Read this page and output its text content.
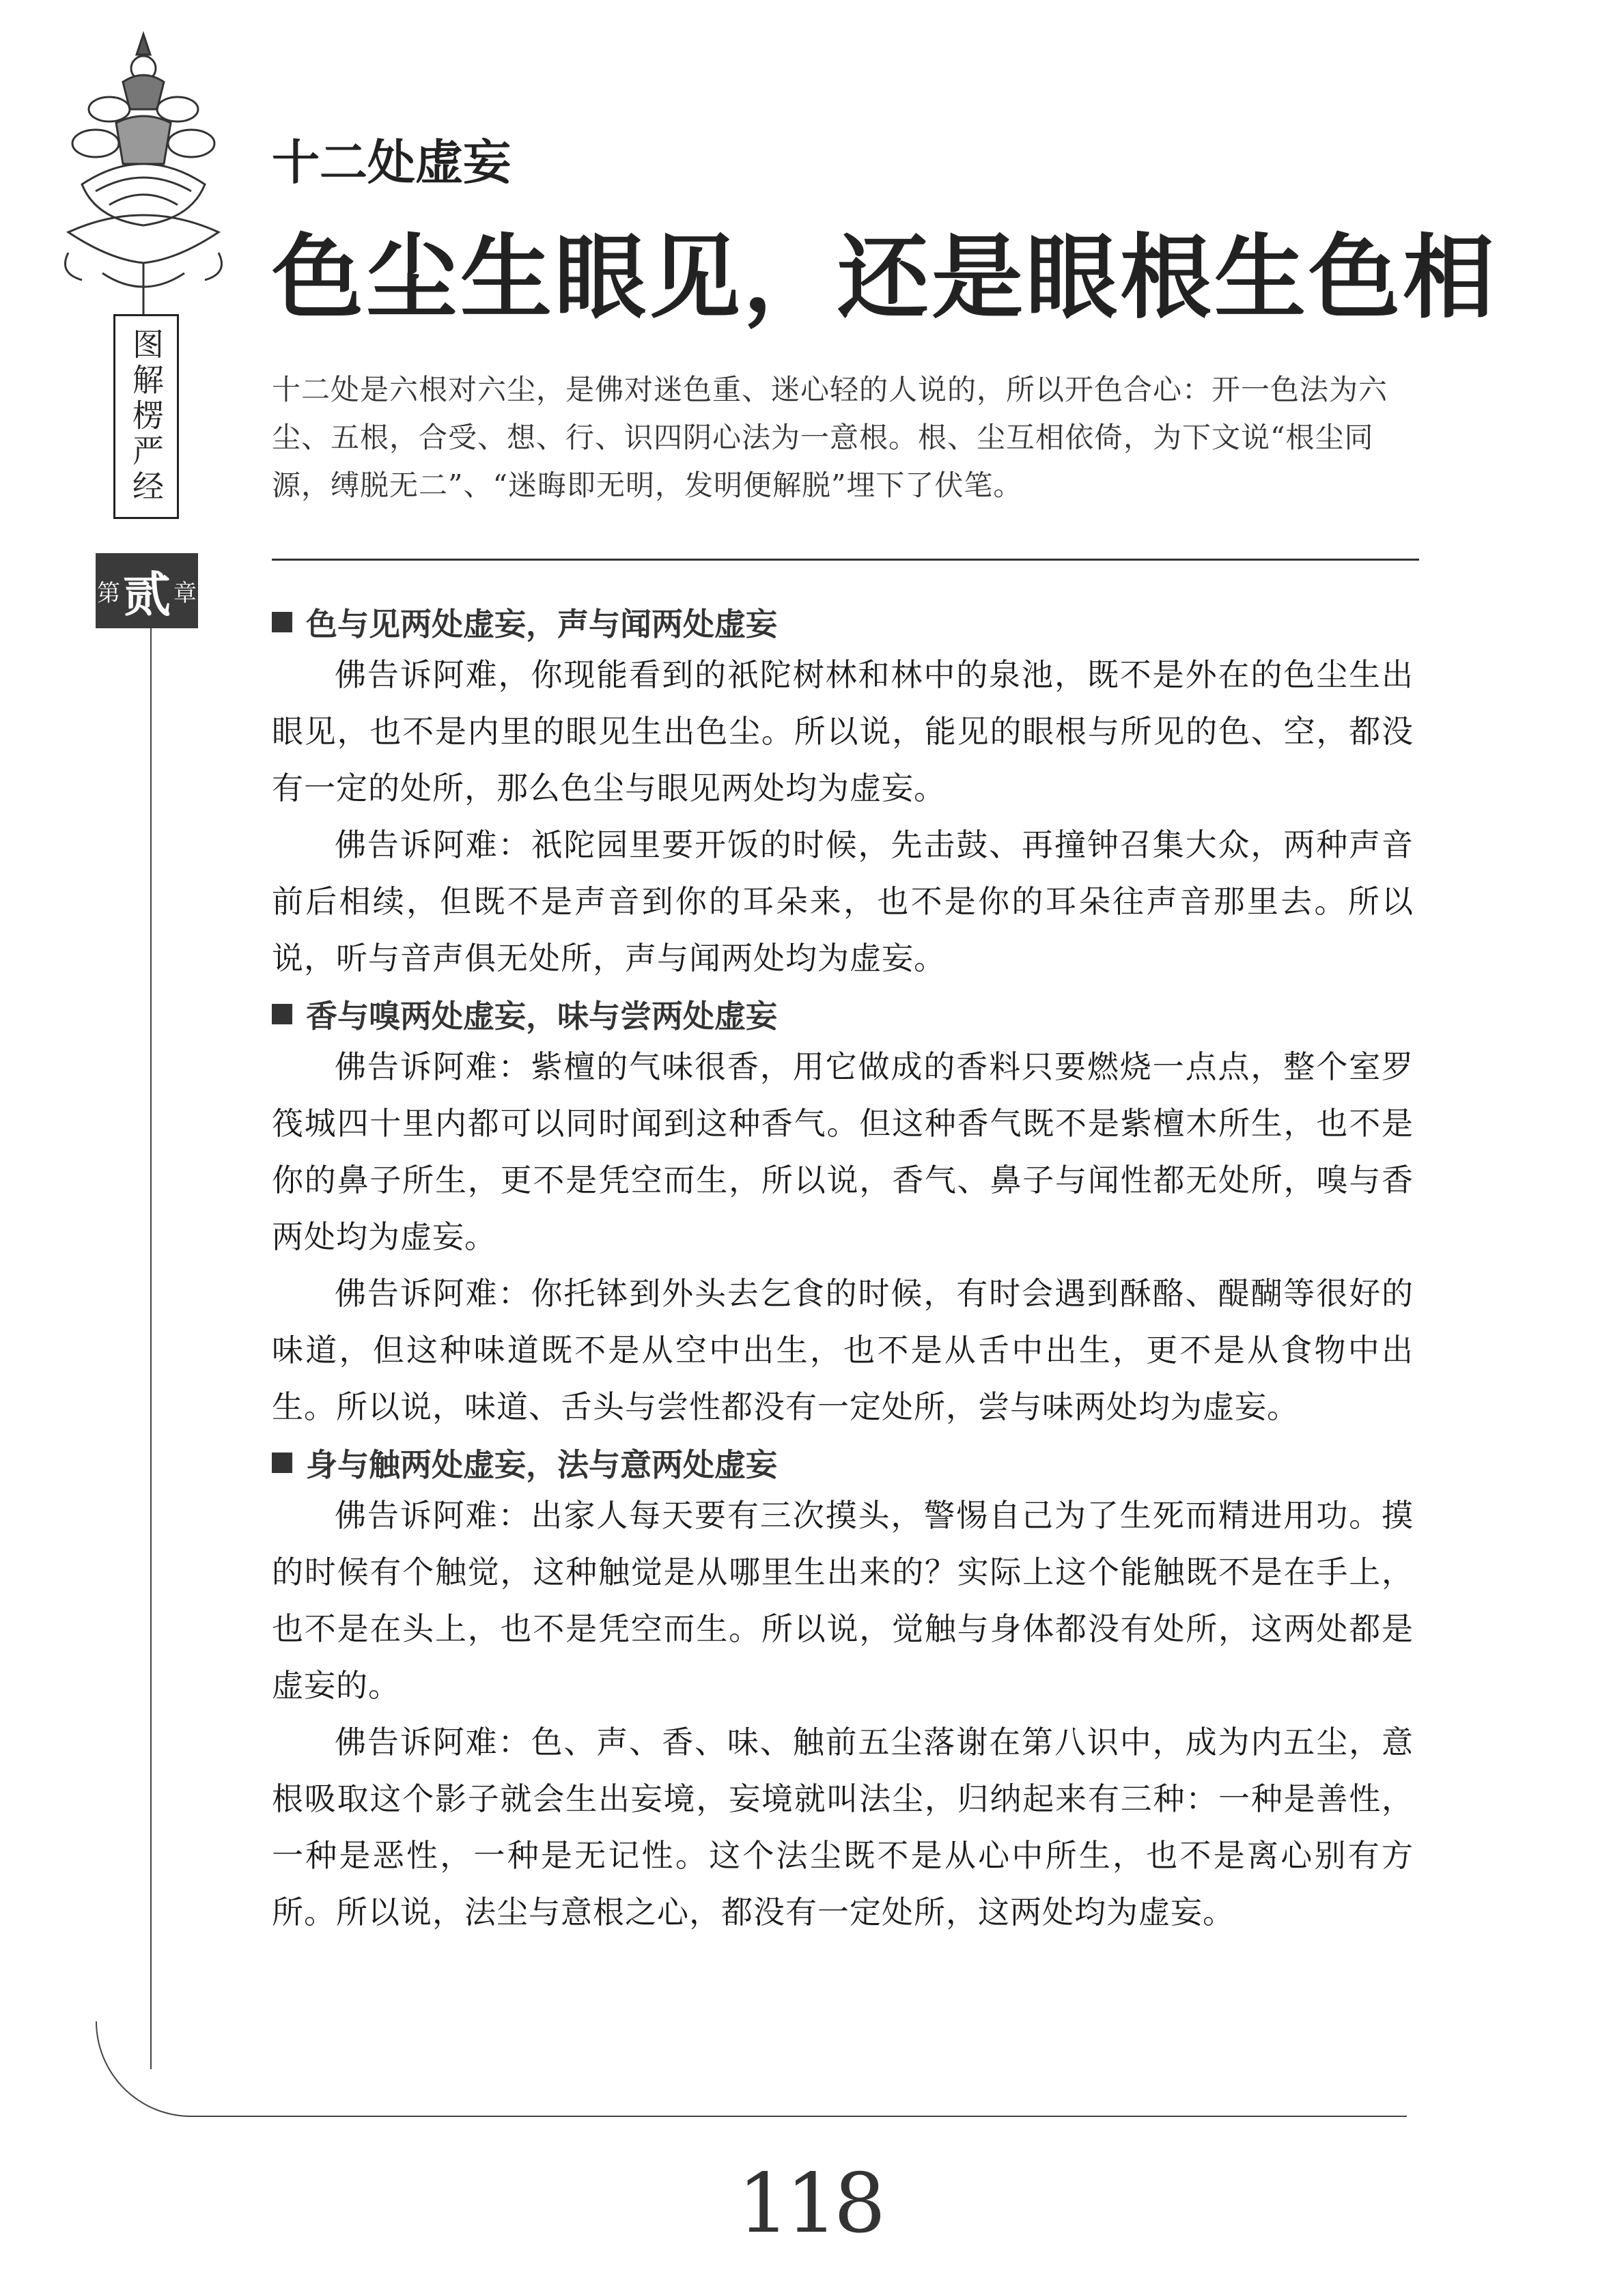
图解楞严经
第 贰 章
十二处虚妄
色尘生眼见，还是眼根生色相

十二处是六根对六尘，是佛对迷色重、迷心轻的人说的，所以开色合心：开一色法为六尘、五根，合受、想、行、识四阴心法为一意根。根、尘互相依倚，为下文说“根尘同源，缚脱无二”、“迷晦即无明，发明便解脱”埋下了伏笔。

色与见两处虚妄，声与闻两处虚妄

佛告诉阿难，你现能看到的祇陀树林和林中的泉池，既不是外在的色尘生出眼见，也不是内里的眼见生出色尘。所以说，能见的眼根与所见的色、空，都没有一定的处所，那么色尘与眼见两处均为虚妄。

佛告诉阿难：祇陀园里要开饭的时候，先击鼓、再撞钟召集大众，两种声音前后相续，但既不是声音到你的耳朵来，也不是你的耳朵往声音那里去。所以说，听与音声俱无处所，声与闻两处均为虚妄。

香与嗅两处虚妄，味与尝两处虚妄

佛告诉阿难：紫檀的气味很香，用它做成的香料只要燃烧一点点，整个室罗筏城四十里内都可以同时闻到这种香气。但这种香气既不是紫檀木所生，也不是你的鼻子所生，更不是凭空而生，所以说，香气、鼻子与闻性都无处所，嗅与香两处均为虚妄。

佛告诉阿难：你托钵到外头去乞食的时候，有时会遇到酥酪、醍醐等很好的味道，但这种味道既不是从空中出生，也不是从舌中出生，更不是从食物中出生。所以说，味道、舌头与尝性都没有一定处所，尝与味两处均为虚妄。

身与触两处虚妄，法与意两处虚妄

佛告诉阿难：出家人每天要有三次摸头，警惕自己为了生死而精进用功。摸的时候有个触觉，这种触觉是从哪里生出来的？实际上这个能触既不是在手上，也不是在头上，也不是凭空而生。所以说，觉触与身体都没有处所，这两处都是虚妄的。

佛告诉阿难：色、声、香、味、触前五尘落谢在第八识中，成为内五尘，意根吸取这个影子就会生出妄境，妄境就叫法尘，归纳起来有三种：一种是善性，一种是恶性，一种是无记性。这个法尘既不是从心中所生，也不是离心别有方所。所以说，法尘与意根之心，都没有一定处所，这两处均为虚妄。

118
